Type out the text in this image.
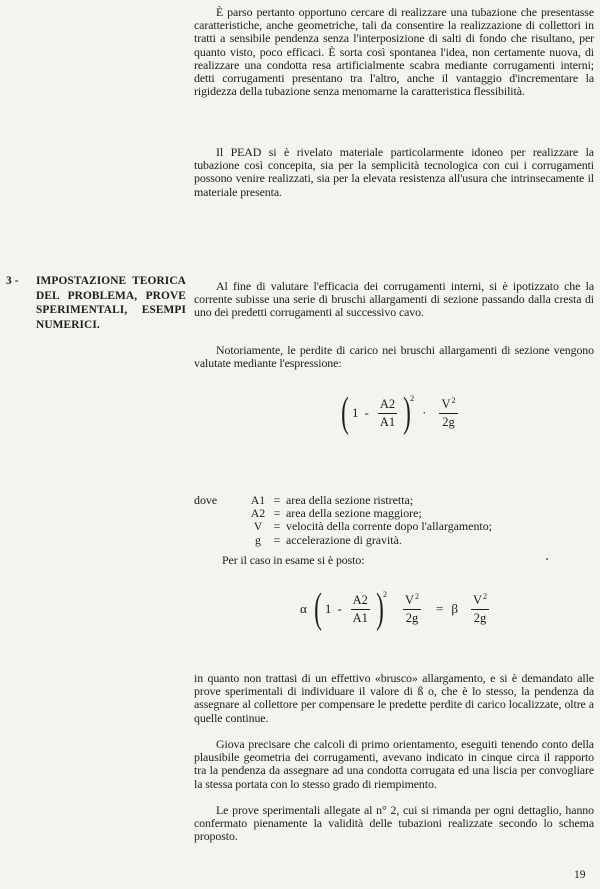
È parso pertanto opportuno cercare di realizzare una tubazione che presentasse caratteristiche, anche geometriche, tali da consentire la realizzazione di collettori in tratti a sensibile pendenza senza l'interposizione di salti di fondo che risultano, per quanto visto, poco efficaci. È sorta così spontanea l'idea, non certamente nuova, di realizzare una condotta resa artificialmente scabra mediante corrugamenti interni; detti corrugamenti presentano tra l'altro, anche il vantaggio d'incrementare la rigidezza della tubazione senza menomarne la caratteristica flessibilità.

Il PEAD si è rivelato materiale particolarmente idoneo per realizzare la tubazione così concepita, sia per la semplicità tecnologica con cui i corrugamenti possono venire realizzati, sia per la elevata resistenza all'usura che intrinsecamente il materiale presenta.

3 -	IMPOSTAZIONE TEORICA DEL PROBLEMA, PROVE SPERIMENTALI, ESEMPI NUMERICI.

Al fine di valutare l'efficacia dei corrugamenti interni, si è ipotizzato che la corrente subisse una serie di bruschi allargamenti di sezione passando dalla cresta di uno dei predetti corrugamenti al successivo cavo.

Notoriamente, le perdite di carico nei bruschi allargamenti di sezione vengono valutate mediante l'espressione:

( $1 - \frac{A2}{A1}$ ) 2
· $\frac{V^2}{2g}$
dove	A1 = area della sezione ristretta;
A2 = area della sezione maggiore;
V = velocità della corrente dopo l'allargamento;
g	= accelerazione di gravità.

Per il caso in esame si è posto:

α ( $1 - \frac{A2}{A1}$ ) $2 \frac{V^2}{2g} = \beta \frac{V^2}{2g}$

in quanto non trattasi di un effettivo «brusco» allargamento, e si è demandato alle prove sperimentali di individuare il valore di ß o, che è lo stesso, la pendenza da assegnare al collettore per compensare le predette perdite di carico localizzate, oltre a quelle continue.

Giova precisare che calcoli di primo orientamento, eseguiti tenendo conto della plausibile geometria dei corrugamenti, avevano indicato in cinque circa il rapporto tra la pendenza da assegnare ad una condotta corrugata ed una liscia per convogliare la stessa portata con lo stesso grado di riempimento.

Le prove sperimentali allegate al n° 2, cui si rimanda per ogni dettaglio, hanno confermato pienamente la validità delle tubazioni realizzate secondo lo schema proposto.

19
